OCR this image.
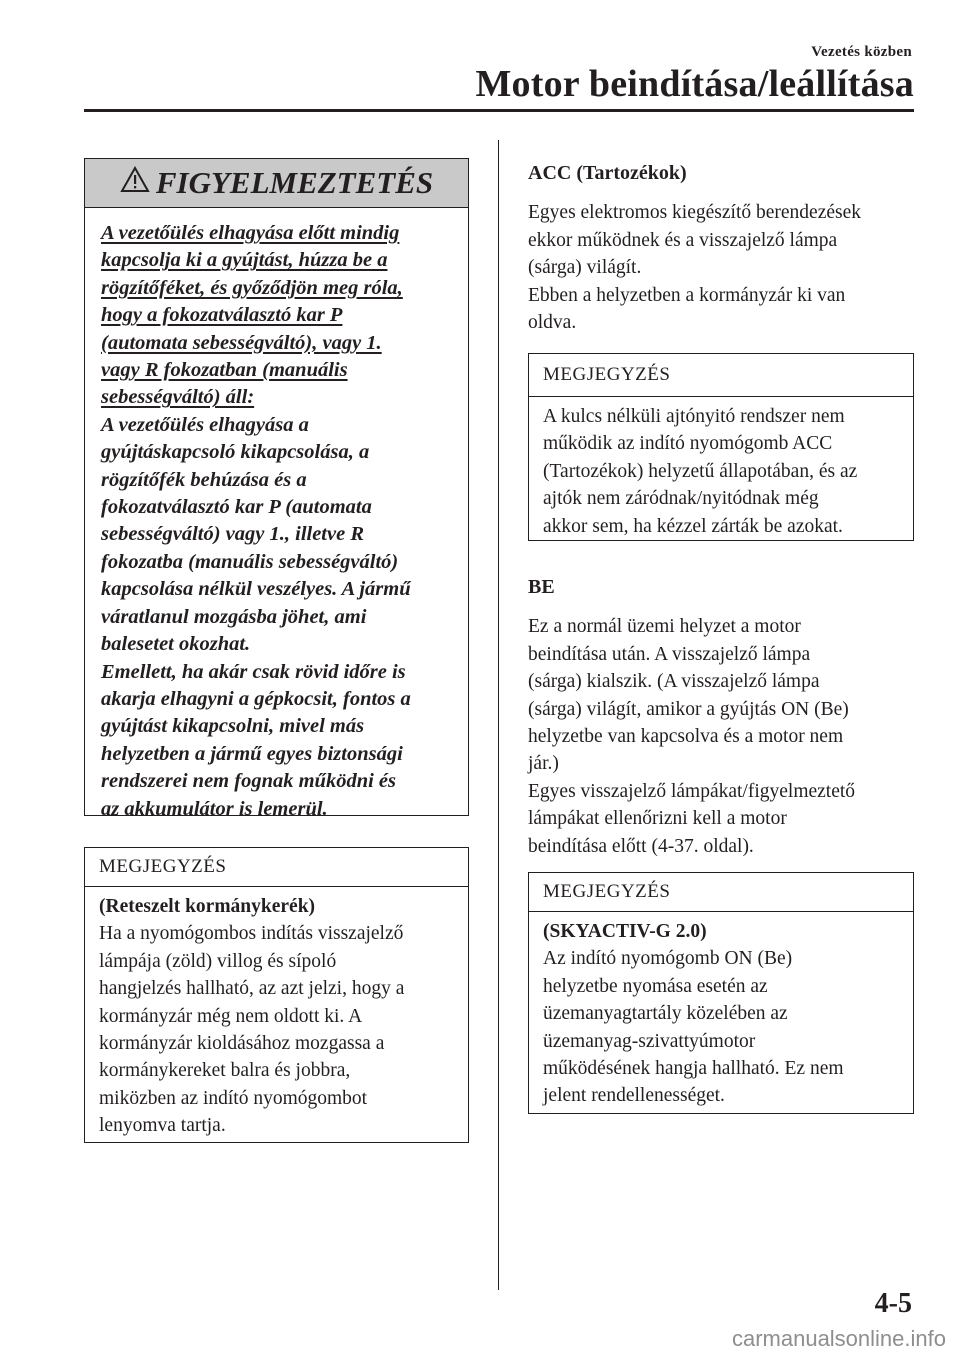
Vezetés közben
Motor beindítása/leállítása
FIGYELMEZTETÉS

A vezetőülés elhagyása előtt mindig

kapcsolja ki a gyújtást, húzza be a

rögzítőféket, és győződjön meg róla,

hogy a fokozatválasztó kar P

(automata sebességváltó), vagy 1.

vagy R fokozatban (manuális

sebességváltó) áll:

A vezetőülés elhagyása a

gyújtáskapcsoló kikapcsolása, a

rögzítőfék behúzása és a

fokozatválasztó kar P (automata

sebességváltó) vagy 1., illetve R

fokozatba (manuális sebességváltó)

kapcsolása nélkül veszélyes. A jármű

váratlanul mozgásba jöhet, ami

balesetet okozhat.

Emellett, ha akár csak rövid időre is

akarja elhagyni a gépkocsit, fontos a

gyújtást kikapcsolni, mivel más

helyzetben a jármű egyes biztonsági

rendszerei nem fognak működni és

az akkumulátor is lemerül.

MEGJEGYZÉS

(Reteszelt kormánykerék)

Ha a nyomógombos indítás visszajelző

lámpája (zöld) villog és sípoló

hangjelzés hallható, az azt jelzi, hogy a

kormányzár még nem oldott ki. A

kormányzár kioldásához mozgassa a

kormánykereket balra és jobbra,

miközben az indító nyomógombot

lenyomva tartja.

ACC (Tartozékok)

Egyes elektromos kiegészítő berendezések

ekkor működnek és a visszajelző lámpa

(sárga) világít.

Ebben a helyzetben a kormányzár ki van

oldva.

MEGJEGYZÉS

A kulcs nélküli ajtónyitó rendszer nem

működik az indító nyomógomb ACC

(Tartozékok) helyzetű állapotában, és az

ajtók nem záródnak/nyitódnak még

akkor sem, ha kézzel zárták be azokat.

BE

Ez a normál üzemi helyzet a motor

beindítása után. A visszajelző lámpa

(sárga) kialszik. (A visszajelző lámpa

(sárga) világít, amikor a gyújtás ON (Be)

helyzetbe van kapcsolva és a motor nem

jár.)

Egyes visszajelző lámpákat/figyelmeztető

lámpákat ellenőrizni kell a motor

beindítása előtt (4-37. oldal).

MEGJEGYZÉS

(SKYACTIV-G 2.0)

Az indító nyomógomb ON (Be)

helyzetbe nyomása esetén az

üzemanyagtartály közelében az

üzemanyag-szivattyúmotor

működésének hangja hallható. Ez nem

jelent rendellenességet.

4-5
carmanualsonline.info
